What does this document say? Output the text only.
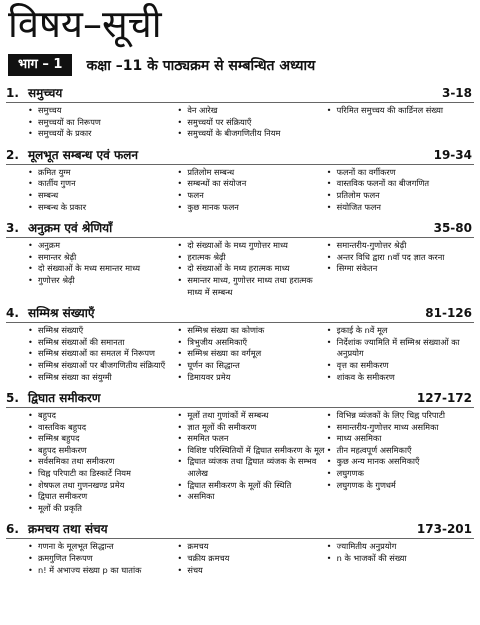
विषय–सूची
भाग – 1	कक्षा –11 के पाठ्यक्रम से सम्बन्धित अध्याय
1. समुच्चय	3-18
• समुच्चय
• समुच्चयों का निरूपण
• समुच्चयों के प्रकार
• वेन आरेख
• समुच्चयों पर संक्रियाएँ
• समुच्चयों के बीजगणितीय नियम
• परिमित समुच्चय की कार्डिनल संख्या
2. मूलभूत सम्बन्ध एवं फलन	19-34
• क्रमित युग्म
• कार्तीय गुणन
• सम्बन्ध
• सम्बन्ध के प्रकार
• प्रतिलोम सम्बन्ध
• सम्बन्धों का संयोजन
• फलन
• कुछ मानक फलन
• फलनों का वर्गीकरण
• वास्तविक फलनों का बीजगणित
• प्रतिलोम फलन
• संयोजित फलन
3. अनुक्रम एवं श्रेणियाँ	35-80
• अनुक्रम
• समान्तर श्रेढ़ी
• दो संख्याओं के मध्य समान्तर माध्य
• गुणोत्तर श्रेढ़ी
• दो संख्याओं के मध्य गुणोत्तर माध्य
• हरात्मक श्रेढ़ी
• दो संख्याओं के मध्य हरात्मक माध्य
• समान्तर माध्य, गुणोत्तर माध्य तथा हरात्मक माध्य में सम्बन्ध
• समान्तरीय-गुणोत्तर श्रेढ़ी
• अन्तर विधि द्वारा nवाँ पद ज्ञात करना
• सिग्मा संकेतन
4. सम्मिश्र संख्याएँ	81-126
• सम्मिश्र संख्याएँ
• सम्मिश्र संख्याओं की समानता
• सम्मिश्र संख्याओं का समतल में निरूपण
• सम्मिश्र संख्याओं पर बीजगणितीय संक्रियाएँ
• सम्मिश्र संख्या का संयुग्मी
• सम्मिश्र संख्या का कोणांक
• त्रिभुजीय असमिकाएँ
• सम्मिश्र संख्या का वर्गमूल
• घूर्णन का सिद्धान्त
• डिमायवर प्रमेय
• इकाई के nवें मूल
• निर्देशांक ज्यामिति में सम्मिश्र संख्याओं का अनुप्रयोग
• वृत्त का समीकरण
• शांकव के समीकरण
5. द्विघात समीकरण	127-172
• बहुपद
• वास्तविक बहुपद
• सम्मिश्र बहुपद
• बहुपद समीकरण
• सर्वसमिका तथा समीकरण
• चिह्न परिपाटी का डिस्कार्टे नियम
• शेषफल तथा गुणनखण्ड प्रमेय
• द्विघात समीकरण
• मूलों की प्रकृति
• मूलों तथा गुणांकों में सम्बन्ध
• ज्ञात मूलों की समीकरण
• सममित फलन
• विशिष्ट परिस्थितियों में द्विघात समीकरण के मूल
• द्विघात व्यंजक तथा द्विघात व्यंजक के सम्भव आलेख
• द्विघात समीकरण के मूलों की स्थिति
• असमिका
• विभिन्न व्यंजकों के लिए चिह्न परिपाटी
• समान्तरीय-गुणोत्तर माध्य असमिका
• माध्य असमिका
• तीन महत्वपूर्ण असमिकाएँ
• कुछ अन्य मानक असमिकाएँ
• लघुगणक
• लघुगणक के गुणधर्म
6. क्रमचय तथा संचय	173-201
• गणना के मूलभूत सिद्धान्त
• क्रमगुणित निरूपण
• n! में अभाज्य संख्या p का घातांक
• क्रमचय
• चक्रीय क्रमचय
• संचय
• ज्यामितीय अनुप्रयोग
• n के भाजकों की संख्या
